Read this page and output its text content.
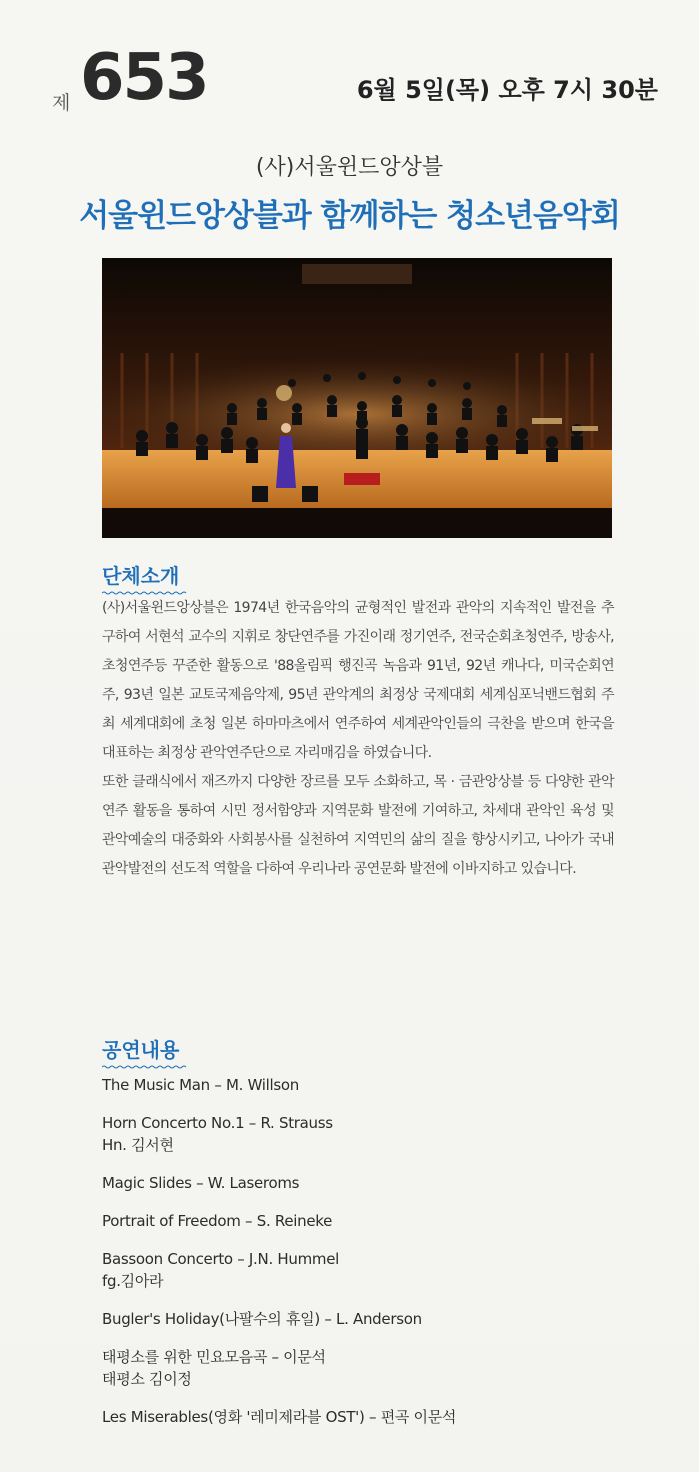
제 653	6월 5일(목) 오후 7시 30분
(사)서울윈드앙상블
서울윈드앙상블과 함께하는 청소년음악회
단체소개

(사)서울윈드앙상블은 1974년 한국음악의 균형적인 발전과 관악의 지속적인 발전을 추구하여 서현석 교수의 지휘로 창단연주를 가진이래 정기연주, 전국순회초청연주, 방송사, 초청연주등 꾸준한 활동으로 '88올림픽 행진곡 녹음과 91년, 92년 캐나다, 미국순회연주, 93년 일본 교토국제음악제, 95년 관악계의 최정상 국제대회 세계심포닉밴드협회 주최 세계대회에 초청 일본 하마마츠에서 연주하여 세계관악인들의 극찬을 받으며 한국을 대표하는 최정상 관악연주단으로 자리매김을 하였습니다.

또한 클래식에서 재즈까지 다양한 장르를 모두 소화하고, 목 · 금관앙상블 등 다양한 관악연주 활동을 통하여 시민 정서함양과 지역문화 발전에 기여하고, 차세대 관악인 육성 및 관악예술의 대중화와 사회봉사를 실천하여 지역민의 삶의 질을 향상시키고, 나아가 국내 관악발전의 선도적 역할을 다하여 우리나라 공연문화 발전에 이바지하고 있습니다.

공연내용
The Music Man – M. Willson
Horn Concerto No.1 – R. Strauss
Hn. 김서현
Magic Slides – W. Laseroms
Portrait of Freedom – S. Reineke
Bassoon Concerto – J.N. Hummel
fg.김아라
Bugler's Holiday(나팔수의 휴일) – L. Anderson
태평소를 위한 민요모음곡 – 이문석
태평소 김이정
Les Miserables(영화 '레미제라블 OST') – 편곡 이문석
